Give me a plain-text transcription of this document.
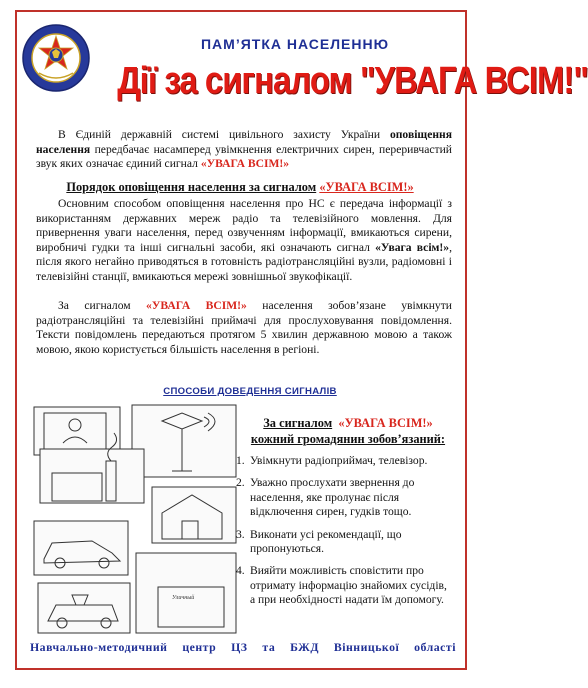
ПАМ’ЯТКА НАСЕЛЕННЮ
Дії за сигналом "УВАГА ВСІМ!"

В Єдиній державній системі цивільного захисту України оповіщення населення передбачає насамперед увімкнення електричних сирен, переривчастий звук яких означає єдиний сигнал «УВАГА ВСІМ!»

Порядок оповіщення населення за сигналом «УВАГА ВСІМ!»

Основним способом оповіщення населення про НС є передача інформації з використанням державних мереж радіо та телевізійного мовлення. Для привернення уваги населення, перед озвученням інформації, вмикаються сирени, виробничі гудки та інші сигнальні засоби, які означають сигнал «Увага всім!», після якого негайно приводяться в готовність радіотрансляційні вузли, радіомовні і телевізійні станції, вмикаються мережі зовнішньої звукофікації.

За сигналом «УВАГА ВСІМ!» населення зобов’язане увімкнути радіотрансляційні та телевізійні приймачі для прослуховування повідомлення. Тексти повідомлень передаються протягом 5 хвилин державною мовою а також мовою, якою користується більшість населення в регіоні.

СПОСОБИ ДОВЕДЕННЯ СИГНАЛІВ
Уличный
За сигналом «УВАГА ВСІМ!»
кожний громадянин зобов’язаний:
1. Увімкнути радіоприймач, телевізор.
2. Уважно прослухати звернення до населення, яке пролунає після відключення сирен, гудків тощо.
3. Виконати усі рекомендації, що пропонуються.
4. Вияйти можливість сповістити про отримату інформацію знайомих сусідів, а при необхідності надати їм допомогу.
Навчально-методичний центр ЦЗ та БЖД Вінницької області
